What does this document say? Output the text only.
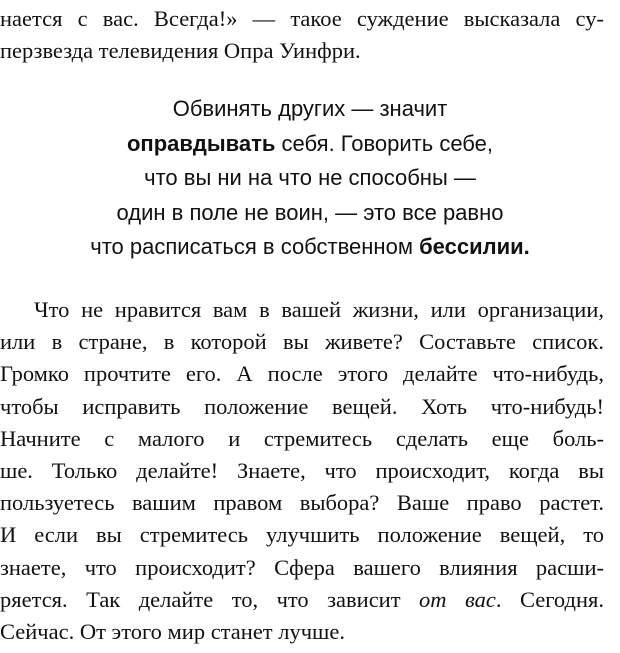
нается с вас. Всегда!» — такое суждение высказала су-
перзвезда телевидения Опра Уинфри.
Обвинять других — значит
оправдывать себя. Говорить себе,
что вы ни на что не способны —
один в поле не воин, — это все равно
что расписаться в собственном бессилии.
Что не нравится вам в вашей жизни, или организации,
или в стране, в которой вы живете? Составьте список.
Громко прочтите его. А после этого делайте что-нибудь,
чтобы исправить положение вещей. Хоть что-нибудь!
Начните с малого и стремитесь сделать еще боль-
ше. Только делайте! Знаете, что происходит, когда вы
пользуетесь вашим правом выбора? Ваше право растет.
И если вы стремитесь улучшить положение вещей, то
знаете, что происходит? Сфера вашего влияния расши-
ряется. Так делайте то, что зависит от вас. Сегодня.
Сейчас. От этого мир станет лучше.
